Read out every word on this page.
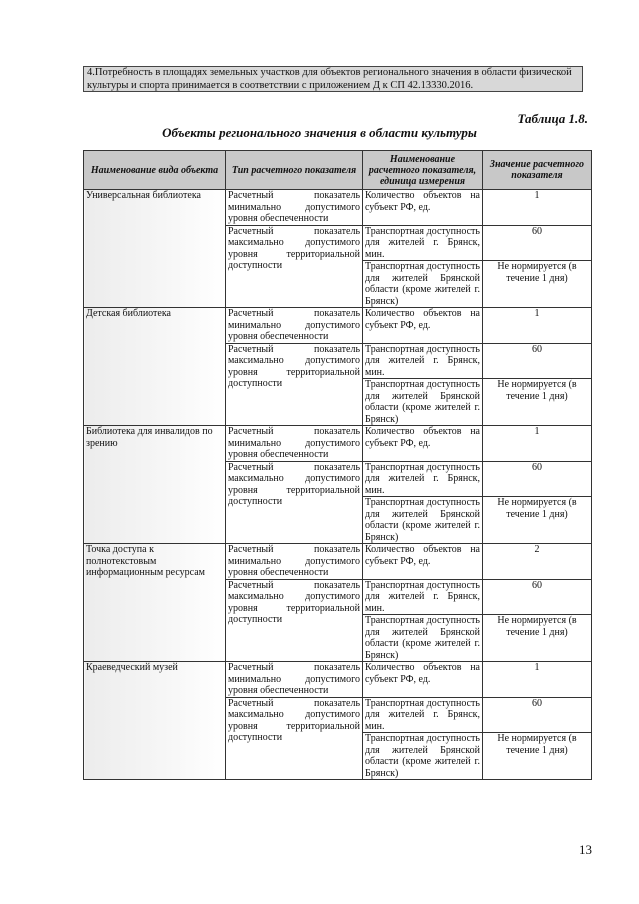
4.Потребность в площадях земельных участков для объектов регионального значения в области физической культуры и спорта принимается в соответствии с приложением Д к СП 42.13330.2016.
Таблица 1.8.
Объекты регионального значения в области культуры
Наименование вида объекта	Тип расчетного показателя	Наименование расчетного показателя, единица измерения	Значение расчетного показателя
Универсальная библиотека	Расчетный показатель минимально допустимого уровня обеспеченности	Количество объектов на субъект РФ, ед.	1
	Расчетный показатель максимально допустимого уровня территориальной доступности	Транспортная доступность для жителей г. Брянск, мин.	60
		Транспортная доступность для жителей Брянской области (кроме жителей г. Брянск)	Не нормируется (в течение 1 дня)
Детская библиотека	Расчетный показатель минимально допустимого уровня обеспеченности	Количество объектов на субъект РФ, ед.	1
	Расчетный показатель максимально допустимого уровня территориальной доступности	Транспортная доступность для жителей г. Брянск, мин.	60
		Транспортная доступность для жителей Брянской области (кроме жителей г. Брянск)	Не нормируется (в течение 1 дня)
Библиотека для инвалидов по зрению	Расчетный показатель минимально допустимого уровня обеспеченности	Количество объектов на субъект РФ, ед.	1
	Расчетный показатель максимально допустимого уровня территориальной доступности	Транспортная доступность для жителей г. Брянск, мин.	60
		Транспортная доступность для жителей Брянской области (кроме жителей г. Брянск)	Не нормируется (в течение 1 дня)
Точка доступа к полнотекстовым информационным ресурсам	Расчетный показатель минимально допустимого уровня обеспеченности	Количество объектов на субъект РФ, ед.	2
	Расчетный показатель максимально допустимого уровня территориальной доступности	Транспортная доступность для жителей г. Брянск, мин.	60
		Транспортная доступность для жителей Брянской области (кроме жителей г. Брянск)	Не нормируется (в течение 1 дня)
Краеведческий музей	Расчетный показатель минимально допустимого уровня обеспеченности	Количество объектов на субъект РФ, ед.	1
	Расчетный показатель максимально допустимого уровня территориальной доступности	Транспортная доступность для жителей г. Брянск, мин.	60
		Транспортная доступность для жителей Брянской области (кроме жителей г. Брянск)	Не нормируется (в течение 1 дня)
13
